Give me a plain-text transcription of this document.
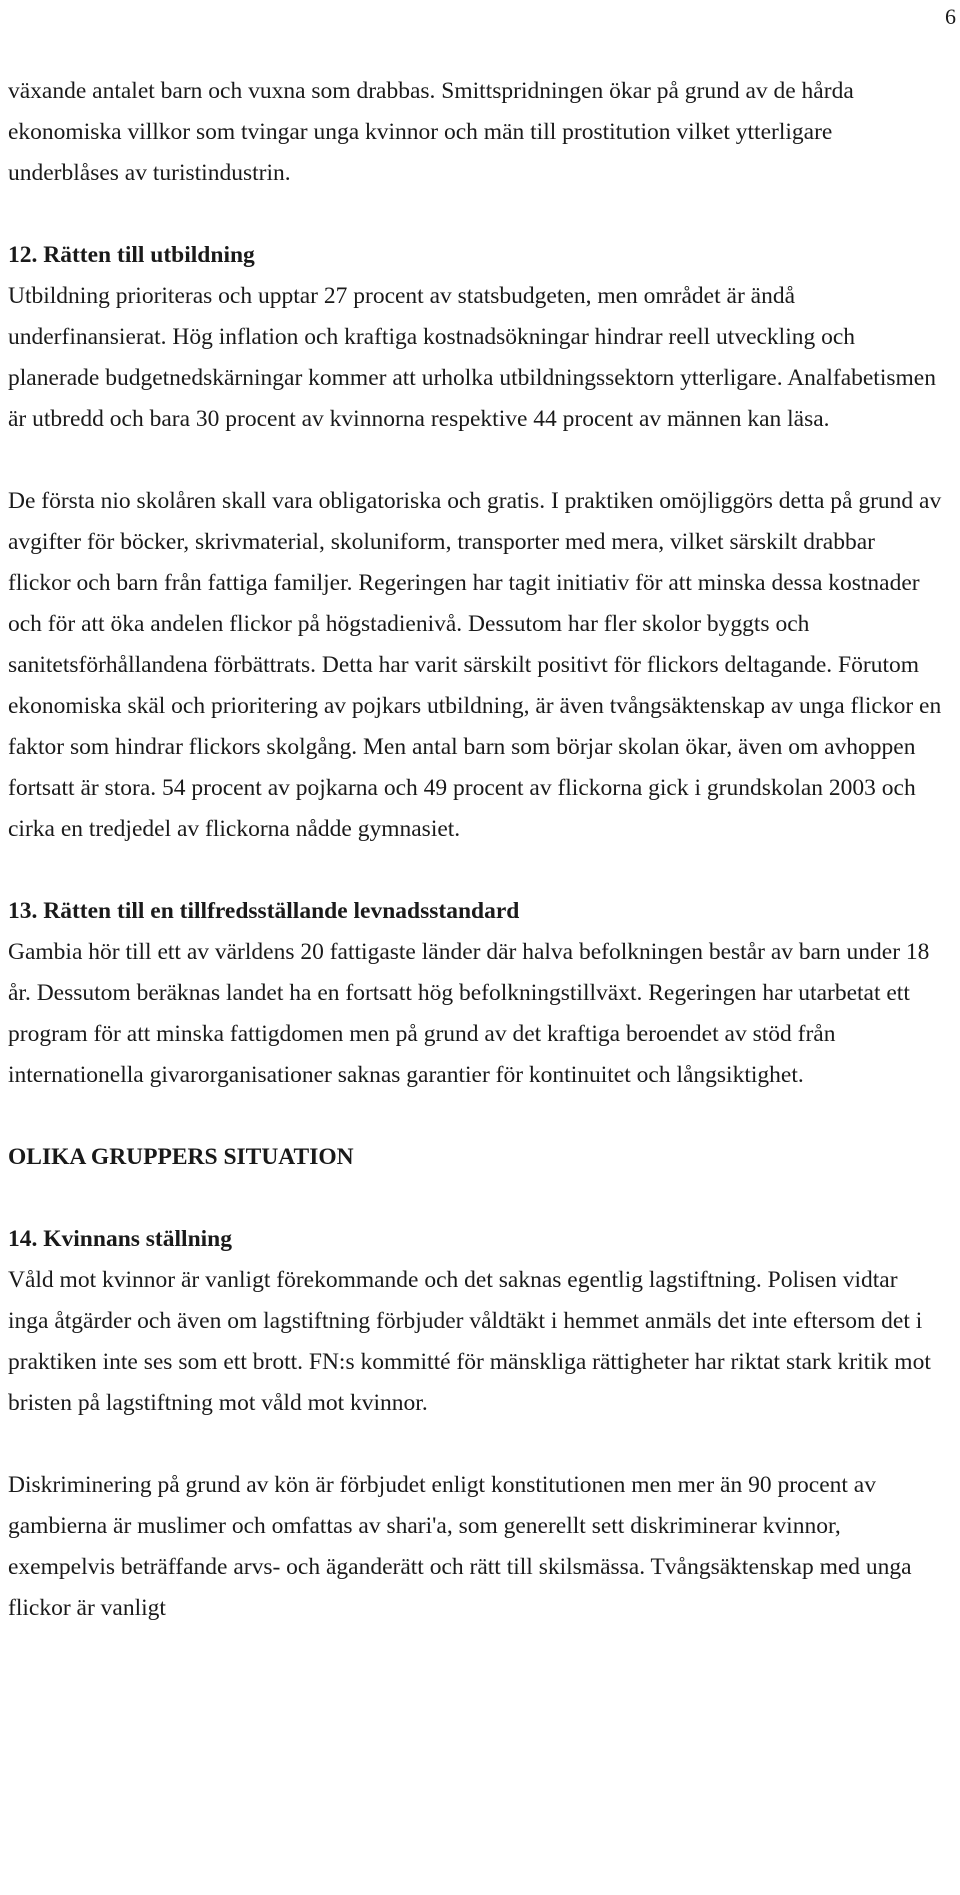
6

växande antalet barn och vuxna som drabbas. Smittspridningen ökar på grund av de hårda ekonomiska villkor som tvingar unga kvinnor och män till prostitution vilket ytterligare underblåses av turistindustrin.

12. Rätten till utbildning

Utbildning prioriteras och upptar 27 procent av statsbudgeten, men området är ändå underfinansierat. Hög inflation och kraftiga kostnadsökningar hindrar reell utveckling och planerade budgetnedskärningar kommer att urholka utbildningssektorn ytterligare. Analfabetismen är utbredd och bara 30 procent av kvinnorna respektive 44 procent av männen kan läsa.

De första nio skolåren skall vara obligatoriska och gratis. I praktiken omöjliggörs detta på grund av avgifter för böcker, skrivmaterial, skoluniform, transporter med mera, vilket särskilt drabbar flickor och barn från fattiga familjer. Regeringen har tagit initiativ för att minska dessa kostnader och för att öka andelen flickor på högstadienivå. Dessutom har fler skolor byggts och sanitetsförhållandena förbättrats. Detta har varit särskilt positivt för flickors deltagande. Förutom ekonomiska skäl och prioritering av pojkars utbildning, är även tvångsäktenskap av unga flickor en faktor som hindrar flickors skolgång. Men antal barn som börjar skolan ökar, även om avhoppen fortsatt är stora. 54 procent av pojkarna och 49 procent av flickorna gick i grundskolan 2003 och cirka en tredjedel av flickorna nådde gymnasiet.

13. Rätten till en tillfredsställande levnadsstandard

Gambia hör till ett av världens 20 fattigaste länder där halva befolkningen består av barn under 18 år. Dessutom beräknas landet ha en fortsatt hög befolkningstillväxt. Regeringen har utarbetat ett program för att minska fattigdomen men på grund av det kraftiga beroendet av stöd från internationella givarorganisationer saknas garantier för kontinuitet och långsiktighet.

OLIKA GRUPPERS SITUATION

14. Kvinnans ställning

Våld mot kvinnor är vanligt förekommande och det saknas egentlig lagstiftning. Polisen vidtar inga åtgärder och även om lagstiftning förbjuder våldtäkt i hemmet anmäls det inte eftersom det i praktiken inte ses som ett brott. FN:s kommitté för mänskliga rättigheter har riktat stark kritik mot bristen på lagstiftning mot våld mot kvinnor.

Diskriminering på grund av kön är förbjudet enligt konstitutionen men mer än 90 procent av gambierna är muslimer och omfattas av shari'a, som generellt sett diskriminerar kvinnor, exempelvis beträffande arvs- och äganderätt och rätt till skilsmässa. Tvångsäktenskap med unga flickor är vanligt
